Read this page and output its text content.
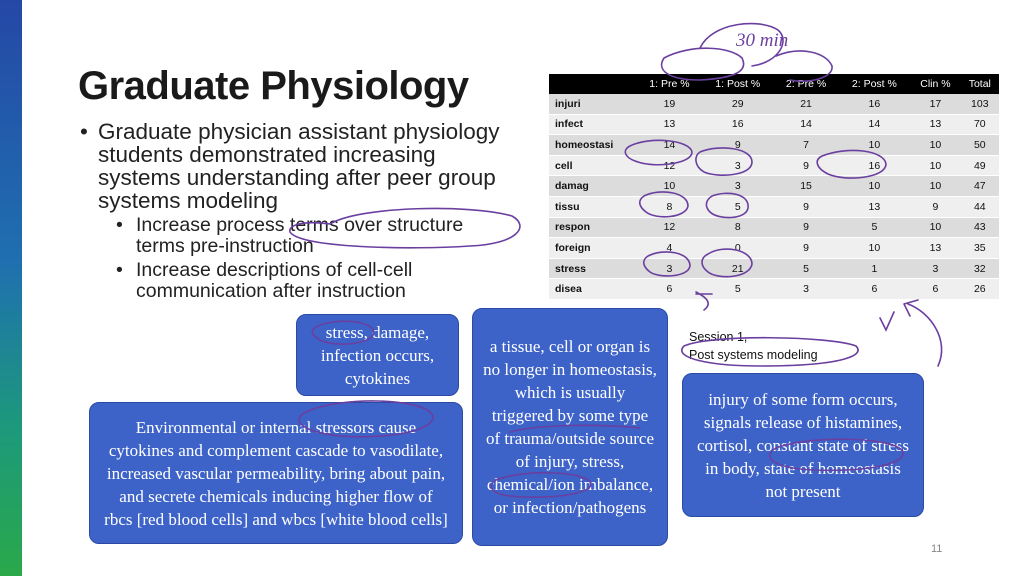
Graduate Physiology
• Graduate physician assistant physiology students demonstrated increasing systems understanding after peer group systems modeling
• Increase process terms over structure terms pre-instruction
• Increase descriptions of cell-cell communication after instruction
	1: Pre %	1: Post %	2: Pre %	2: Post %	Clin %	Total
injuri	19	29	21	16	17	103
infect	13	16	14	14	13	70
homeostasi	14	9	7	10	10	50
cell	12	3	9	16	10	49
damag	10	3	15	10	10	47
tissu	8	5	9	13	9	44
respon	12	8	9	5	10	43
foreign	4	0	9	10	13	35
stress	3	21	5	1	3	32
disea	6	5	3	6	6	26
stress, damage, infection occurs, cytokines
Environmental or internal stressors cause cytokines and complement cascade to vasodilate, increased vascular permeability, bring about pain, and secrete chemicals inducing higher flow of rbcs [red blood cells] and wbcs [white blood cells]
a tissue, cell or organ is no longer in homeostasis, which is usually triggered by some type of trauma/outside source of injury, stress, chemical/ion imbalance, or infection/pathogens
injury of some form occurs, signals release of histamines, cortisol, constant state of stress in body, state of homeostasis not present
Session 1,
Post systems modeling
11
30 min
